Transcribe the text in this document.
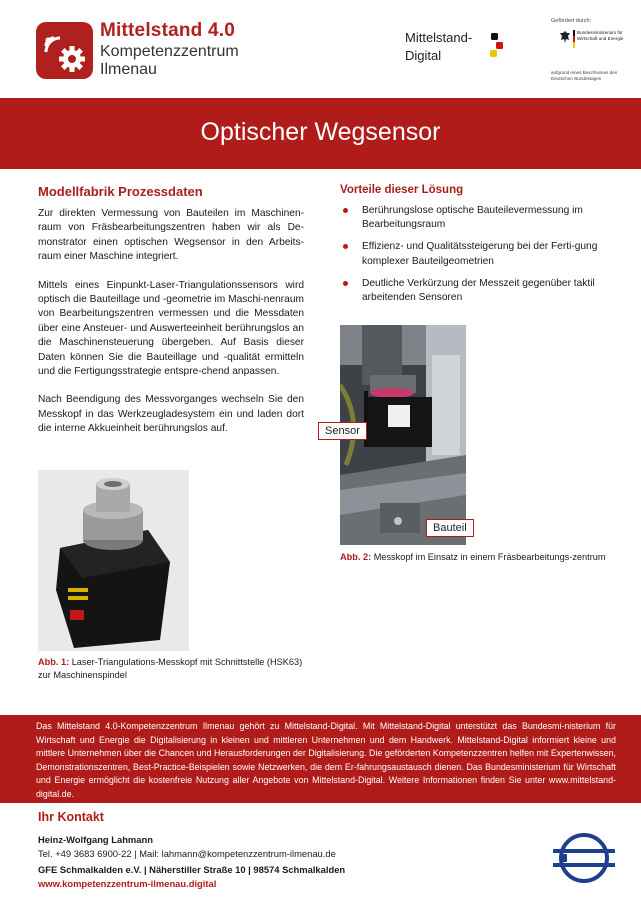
Mittelstand 4.0
Kompetenzzentrum
Ilmenau
Mittelstand-
Digital
Gefördert durch:
Bundesministerium für Wirtschaft und Energie
aufgrund eines Beschlusses des Deutschen Bundestages
Optischer Wegsensor
Modellfabrik Prozessdaten

Zur direkten Vermessung von Bauteilen im Maschinen-raum von Fräsbearbeitungszentren haben wir als De-monstrator einen optischen Wegsensor in den Arbeits-raum einer Maschine integriert.

Mittels eines Einpunkt-Laser-Triangulationssensors wird optisch die Bauteillage und -geometrie im Maschi-nenraum von Bearbeitungszentren vermessen und die Messdaten über eine Ansteuer- und Auswerteeinheit berührungslos an die Maschinensteuerung übergeben. Auf Basis dieser Daten können Sie die Bauteillage und -qualität ermitteln und die Fertigungsstrategie entspre-chend anpassen.

Nach Beendigung des Messvorganges wechseln Sie den Messkopf in das Werkzeugladesystem ein und laden dort die interne Akkueinheit berührungslos auf.

Abb. 1: Laser-Triangulations-Messkopf mit Schnittstelle (HSK63) zur Maschinenspindel
Vorteile dieser Lösung
Berührungslose optische Bauteilevermessung im Bearbeitungsraum
Effizienz- und Qualitätssteigerung bei der Ferti-gung komplexer Bauteilgeometrien
Deutliche Verkürzung der Messzeit gegenüber taktil arbeitenden Sensoren
Sensor
Bauteil
Abb. 2: Messkopf im Einsatz in einem Fräsbearbeitungs-zentrum

Das Mittelstand 4.0-Kompetenzzentrum Ilmenau gehört zu Mittelstand-Digital. Mit Mittelstand-Digital unterstützt das Bundesmi-nisterium für Wirtschaft und Energie die Digitalisierung in kleinen und mittleren Unternehmen und dem Handwerk. Mittelstand-Digital informiert kleine und mittlere Unternehmen über die Chancen und Herausforderungen der Digitalisierung. Die geförderten Kompetenzzentren helfen mit Expertenwissen, Demonstrationszentren, Best-Practice-Beispielen sowie Netzwerken, die dem Er-fahrungsaustausch dienen. Das Bundesministerium für Wirtschaft und Energie ermöglicht die kostenfreie Nutzung aller Angebote von Mittelstand-Digital. Weitere Informationen finden Sie unter www.mittelstand-digital.de.

Ihr Kontakt
Heinz-Wolfgang Lahmann
Tel. +49 3683 6900-22 | Mail: lahmann@kompetenzzentrum-ilmenau.de
GFE Schmalkalden e.V. | Näherstiller Straße 10 | 98574 Schmalkalden
www.kompetenzzentrum-ilmenau.digital
